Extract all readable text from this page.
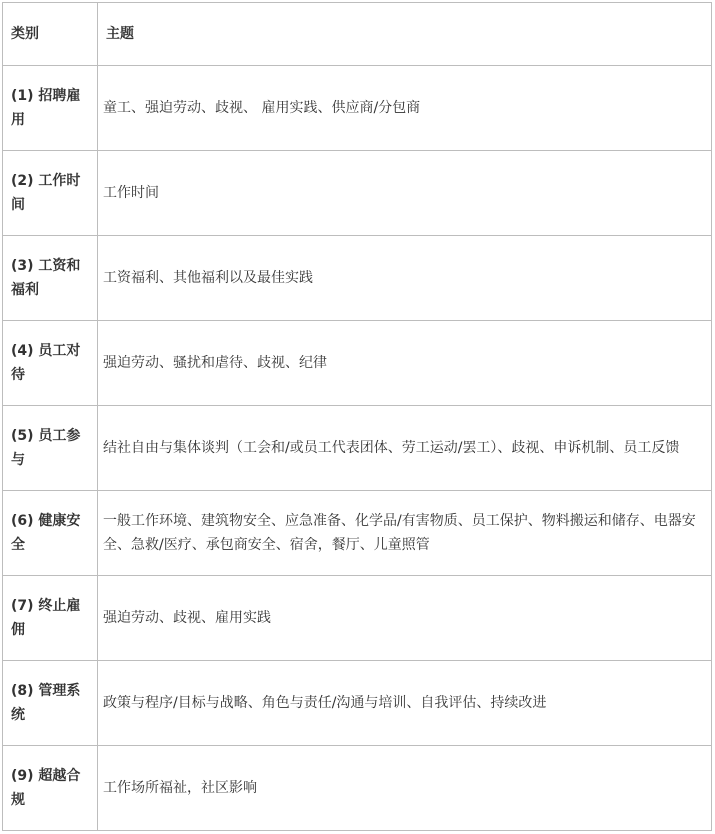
类别	主题
(1) 招聘雇用	童工、强迫劳动、歧视、 雇用实践、供应商/分包商
(2) 工作时间	工作时间
(3) 工资和福利	工资福利、其他福利以及最佳实践
(4) 员工对待	强迫劳动、骚扰和虐待、歧视、纪律
(5) 员工参与	结社自由与集体谈判（工会和/或员工代表团体、劳工运动/罢工）、歧视、申诉机制、员工反馈
(6) 健康安全	一般工作环境、建筑物安全、应急准备、化学品/有害物质、员工保护、物料搬运和储存、电器安全、急救/医疗、承包商安全、宿舍，餐厅、儿童照管
(7) 终止雇佣	强迫劳动、歧视、雇用实践
(8) 管理系统	政策与程序/目标与战略、角色与责任/沟通与培训、自我评估、持续改进
(9) 超越合规	工作场所福祉，社区影响
